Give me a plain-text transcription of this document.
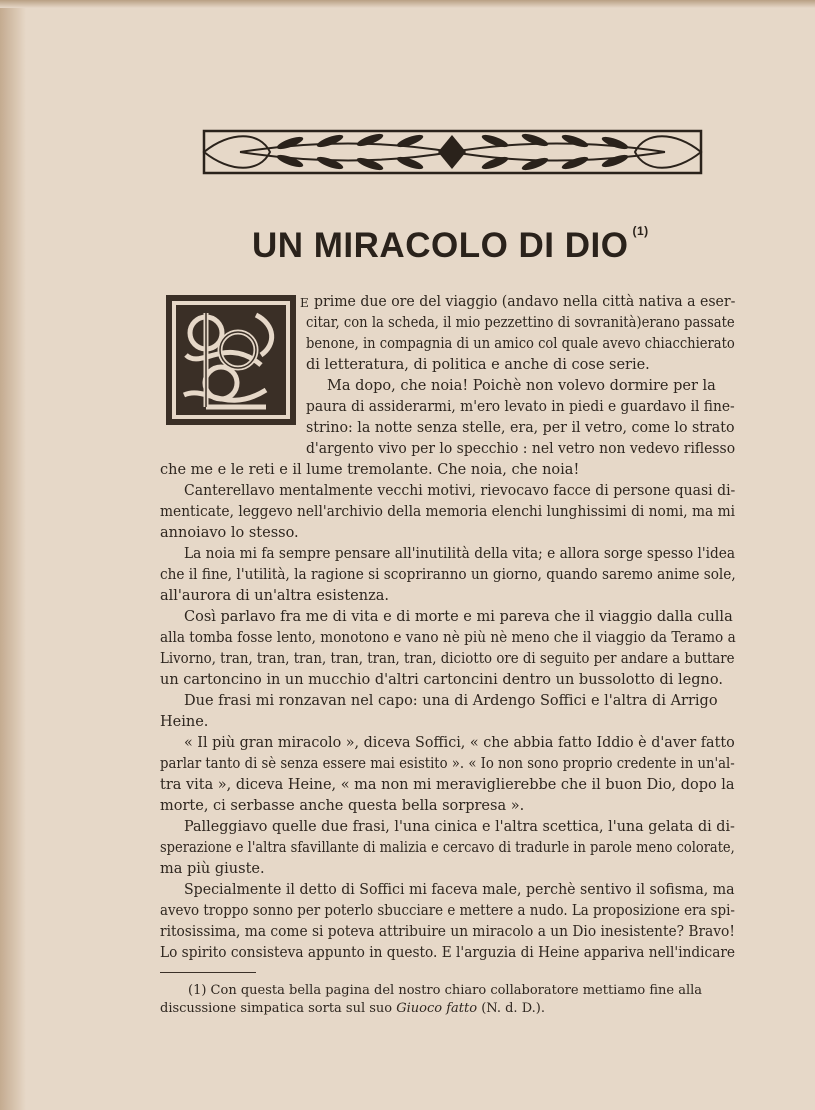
UN MIRACOLO DI DIO $^{(1)}$
E prime due ore del viaggio (andavo nella città nativa a eser-
citar, con la scheda, il mio pezzettino di sovranità)erano passate
benone, in compagnia di un amico col quale avevo chiacchierato
di letteratura, di politica e anche di cose serie.
Ma dopo, che noia! Poichè non volevo dormire per la
paura di assiderarmi, m'ero levato in piedi e guardavo il fine-
strino: la notte senza stelle, era, per il vetro, come lo strato
d'argento vivo per lo specchio : nel vetro non vedevo riflesso
che me e le reti e il lume tremolante. Che noia, che noia!
Canterellavo mentalmente vecchi motivi, rievocavo facce di persone quasi di-
menticate, leggevo nell'archivio della memoria elenchi lunghissimi di nomi, ma mi
annoiavo lo stesso.
La noia mi fa sempre pensare all'inutilità della vita; e allora sorge spesso l'idea
che il fine, l'utilità, la ragione si scopriranno un giorno, quando saremo anime sole,
all'aurora di un'altra esistenza.
Così parlavo fra me di vita e di morte e mi pareva che il viaggio dalla culla
alla tomba fosse lento, monotono e vano nè più nè meno che il viaggio da Teramo a
Livorno, tran, tran, tran, tran, tran, tran, diciotto ore di seguito per andare a buttare
un cartoncino in un mucchio d'altri cartoncini dentro un bussolotto di legno.
Due frasi mi ronzavan nel capo: una di Ardengo Soffici e l'altra di Arrigo
Heine.
« Il più gran miracolo », diceva Soffici, « che abbia fatto Iddio è d'aver fatto
parlar tanto di sè senza essere mai esistito ». « Io non sono proprio credente in un'al-
tra vita », diceva Heine, « ma non mi meraviglierebbe che il buon Dio, dopo la
morte, ci serbasse anche questa bella sorpresa ».
Palleggiavo quelle due frasi, l'una cinica e l'altra scettica, l'una gelata di di-
sperazione e l'altra sfavillante di malizia e cercavo di tradurle in parole meno colorate,
ma più giuste.
Specialmente il detto di Soffici mi faceva male, perchè sentivo il sofisma, ma
avevo troppo sonno per poterlo sbucciare e mettere a nudo. La proposizione era spi-
ritosissima, ma come si poteva attribuire un miracolo a un Dio inesistente? Bravo!
Lo spirito consisteva appunto in questo. E l'arguzia di Heine appariva nell'indicare
(1) Con questa bella pagina del nostro chiaro collaboratore mettiamo fine alla
discussione simpatica sorta sul suo Giuoco fatto (N. d. D.).
